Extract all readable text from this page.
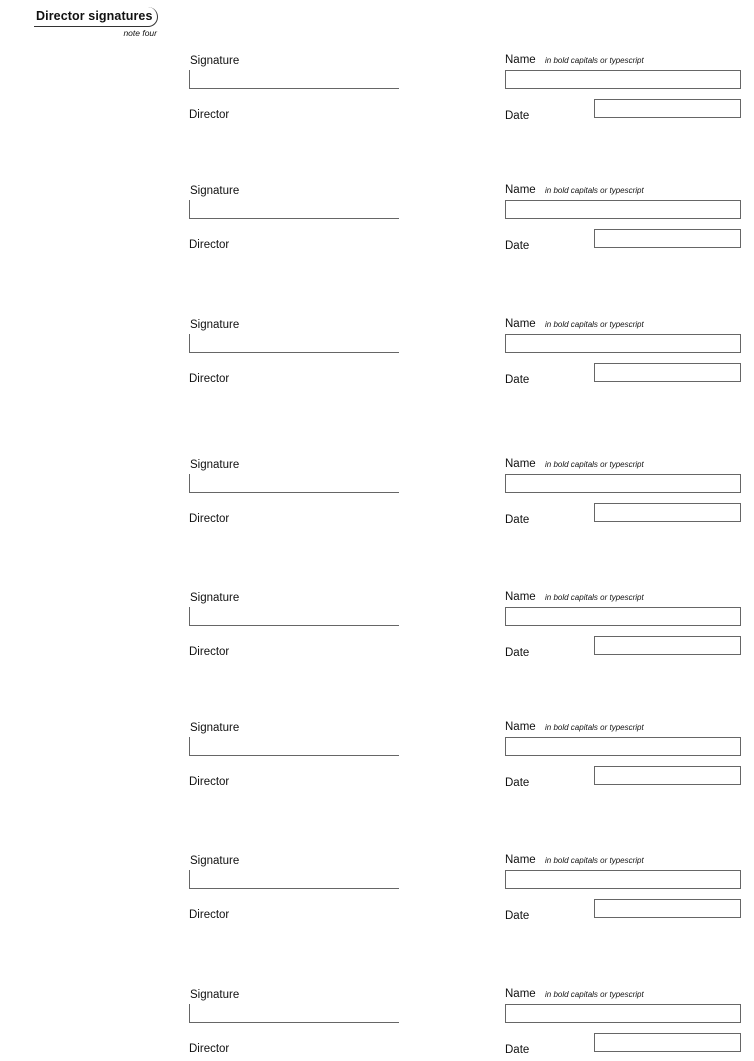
Director signatures
note four
Signature
Director
Name in bold capitals or typescript
Date
Signature
Director
Name in bold capitals or typescript
Date
Signature
Director
Name in bold capitals or typescript
Date
Signature
Director
Name in bold capitals or typescript
Date
Signature
Director
Name in bold capitals or typescript
Date
Signature
Director
Name in bold capitals or typescript
Date
Signature
Director
Name in bold capitals or typescript
Date
Signature
Director
Name in bold capitals or typescript
Date
